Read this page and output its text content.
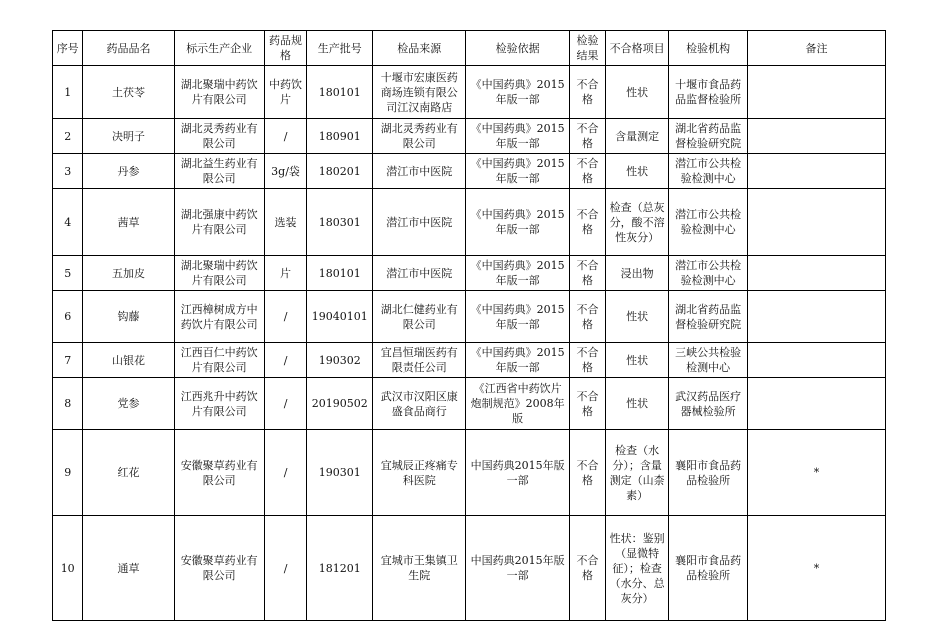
序号	药品品名	标示生产企业	药品规格	生产批号	检品来源	检验依据	检验结果	不合格项目	检验机构	备注
1	土茯苓	湖北聚瑞中药饮片有限公司	中药饮片	180101	十堰市宏康医药商场连锁有限公司江汉南路店	《中国药典》2015年版一部	不合格	性状	十堰市食品药品监督检验所	
2	决明子	湖北灵秀药业有限公司	/	180901	湖北灵秀药业有限公司	《中国药典》2015年版一部	不合格	含量测定	湖北省药品监督检验研究院	
3	丹参	湖北益生药业有限公司	3g/袋	180201	潜江市中医院	《中国药典》2015年版一部	不合格	性状	潜江市公共检验检测中心	
4	茜草	湖北强康中药饮片有限公司	选装	180301	潜江市中医院	《中国药典》2015年版一部	不合格	检查（总灰分，酸不溶性灰分）	潜江市公共检验检测中心	
5	五加皮	湖北聚瑞中药饮片有限公司	片	180101	潜江市中医院	《中国药典》2015年版一部	不合格	浸出物	潜江市公共检验检测中心	
6	钩藤	江西樟树成方中药饮片有限公司	/	19040101	湖北仁健药业有限公司	《中国药典》2015年版一部	不合格	性状	湖北省药品监督检验研究院	
7	山银花	江西百仁中药饮片有限公司	/	190302	宜昌恒瑞医药有限责任公司	《中国药典》2015年版一部	不合格	性状	三峡公共检验检测中心	
8	党参	江西兆升中药饮片有限公司	/	20190502	武汉市汉阳区康盛食品商行	《江西省中药饮片炮制规范》2008年版	不合格	性状	武汉药品医疗器械检验所	
9	红花	安徽聚草药业有限公司	/	190301	宜城辰正疼痛专科医院	中国药典2015年版一部	不合格	检查（水分）；含量测定（山柰素）	襄阳市食品药品检验所	*
10	通草	安徽聚草药业有限公司	/	181201	宜城市王集镇卫生院	中国药典2015年版一部	不合格	性状：鉴别（显微特征）；检查（水分、总灰分）	襄阳市食品药品检验所	*
